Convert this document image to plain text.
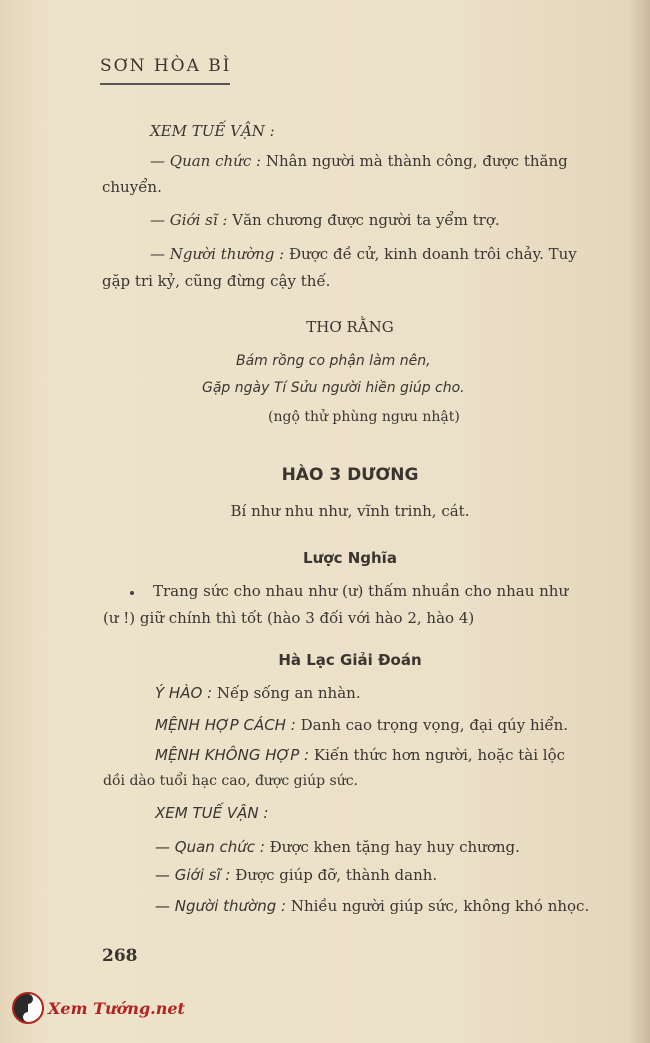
SƠN HÒA BÌ
XEM TUẾ VẬN :
— Quan chức : Nhân người mà thành công, được thăng
chuyển.
— Giới sĩ : Văn chương được người ta yểm trợ.
— Người thường : Được đề cử, kinh doanh trôi chảy. Tuy
gặp tri kỷ, cũng đừng cậy thế.
THƠ RẰNG
Bám rồng co phận làm nên,
Gặp ngày Tí Sửu người hiền giúp cho.
(ngộ thử phùng ngưu nhật)
HÀO 3 DƯƠNG
Bí như nhu như, vĩnh trinh, cát.
Lược Nghĩa
Trang sức cho nhau như (ư) thấm nhuần cho nhau như
(ư !) giữ chính thì tốt (hào 3 đối với hào 2, hào 4)
Hà Lạc Giải Đoán
Ý HÀO : Nếp sống an nhàn.
MỆNH HỢP CÁCH : Danh cao trọng vọng, đại qúy hiển.
MỆNH KHÔNG HỢP : Kiến thức hơn người, hoặc tài lộc
dồi dào tuổi hạc cao, được giúp sức.
XEM TUẾ VẬN :
— Quan chức : Được khen tặng hay huy chương.
— Giới sĩ : Được giúp đỡ, thành danh.
— Người thường : Nhiều người giúp sức, không khó nhọc.
268
Xem Tướng.net
